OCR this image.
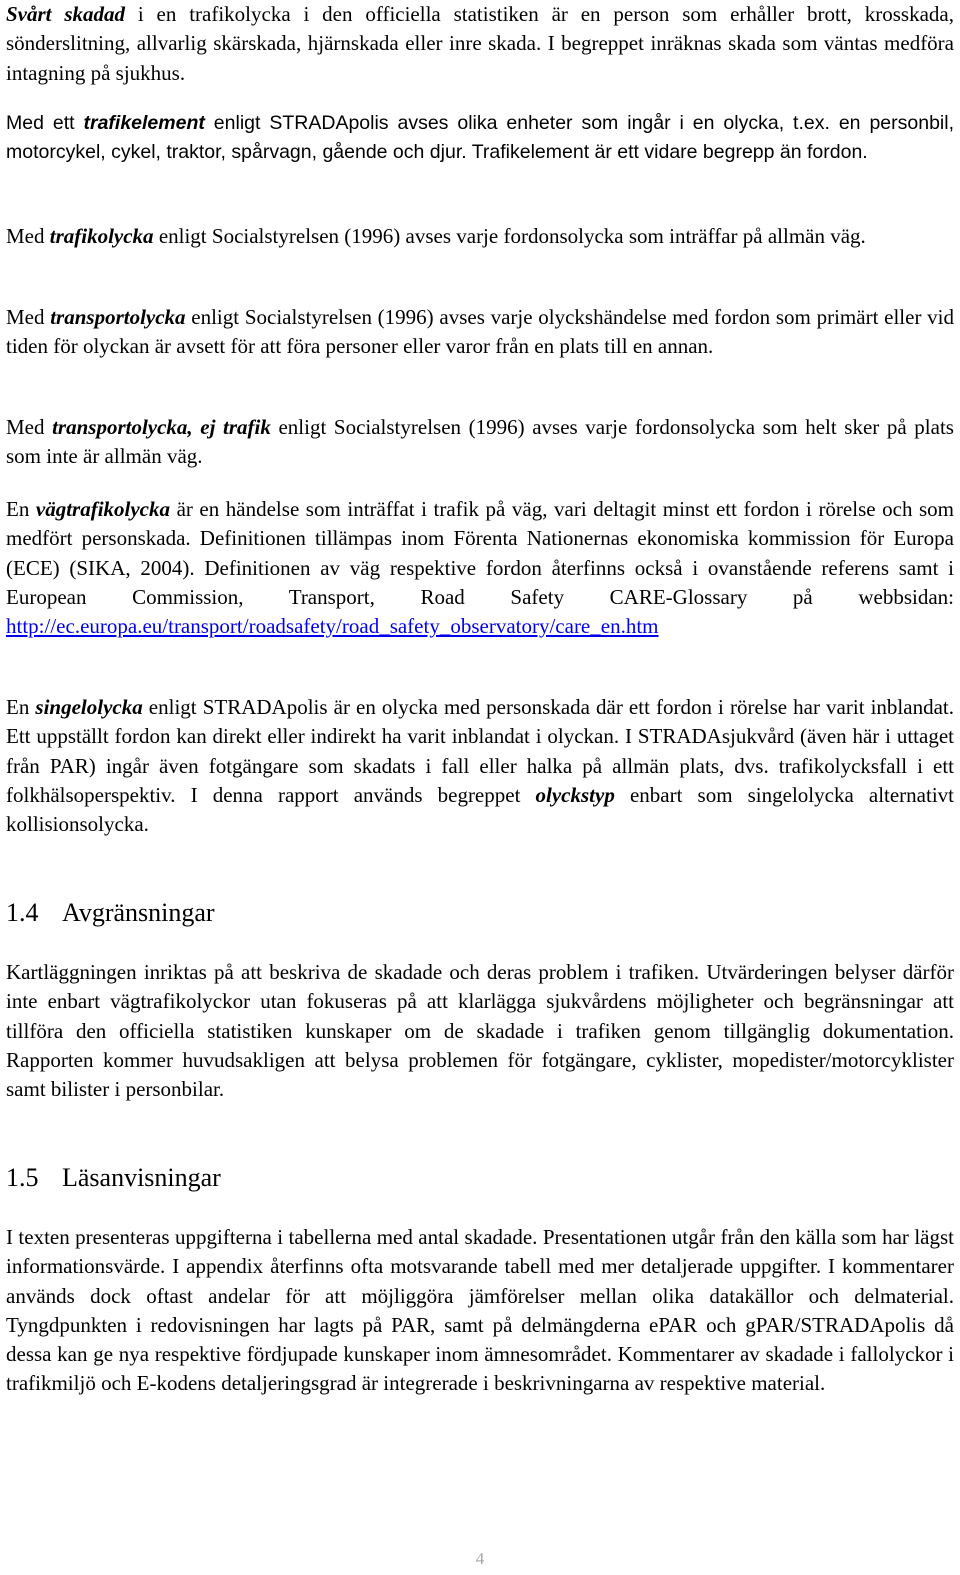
Svårt skadad i en trafikolycka i den officiella statistiken är en person som erhåller brott, krosskada, sönderslitning, allvarlig skärskada, hjärnskada eller inre skada. I begreppet inräknas skada som väntas medföra intagning på sjukhus.

Med ett trafikelement enligt STRADApolis avses olika enheter som ingår i en olycka, t.ex. en personbil, motorcykel, cykel, traktor, spårvagn, gående och djur. Trafikelement är ett vidare begrepp än fordon.

Med trafikolycka enligt Socialstyrelsen (1996) avses varje fordonsolycka som inträffar på allmän väg.

Med transportolycka enligt Socialstyrelsen (1996) avses varje olyckshändelse med fordon som primärt eller vid tiden för olyckan är avsett för att föra personer eller varor från en plats till en annan.

Med transportolycka, ej trafik enligt Socialstyrelsen (1996) avses varje fordonsolycka som helt sker på plats som inte är allmän väg.

En vägtrafikolycka är en händelse som inträffat i trafik på väg, vari deltagit minst ett fordon i rörelse och som medfört personskada. Definitionen tillämpas inom Förenta Nationernas ekonomiska kommission för Europa (ECE) (SIKA, 2004). Definitionen av väg respektive fordon återfinns också i ovanstående referens samt i European Commission, Transport, Road Safety CARE-Glossary på webbsidan: http://ec.europa.eu/transport/roadsafety/road_safety_observatory/care_en.htm

En singelolycka enligt STRADApolis är en olycka med personskada där ett fordon i rörelse har varit inblandat. Ett uppställt fordon kan direkt eller indirekt ha varit inblandat i olyckan. I STRADAsjukvård (även här i uttaget från PAR) ingår även fotgängare som skadats i fall eller halka på allmän plats, dvs. trafikolycksfall i ett folkhälsoperspektiv. I denna rapport används begreppet olyckstyp enbart som singelolycka alternativt kollisionsolycka.

1.4 Avgränsningar

Kartläggningen inriktas på att beskriva de skadade och deras problem i trafiken. Utvärderingen belyser därför inte enbart vägtrafikolyckor utan fokuseras på att klarlägga sjukvårdens möjligheter och begränsningar att tillföra den officiella statistiken kunskaper om de skadade i trafiken genom tillgänglig dokumentation. Rapporten kommer huvudsakligen att belysa problemen för fotgängare, cyklister, mopedister/motorcyklister samt bilister i personbilar.

1.5 Läsanvisningar

I texten presenteras uppgifterna i tabellerna med antal skadade. Presentationen utgår från den källa som har lägst informationsvärde. I appendix återfinns ofta motsvarande tabell med mer detaljerade uppgifter. I kommentarer används dock oftast andelar för att möjliggöra jämförelser mellan olika datakällor och delmaterial. Tyngdpunkten i redovisningen har lagts på PAR, samt på delmängderna ePAR och gPAR/STRADApolis då dessa kan ge nya respektive fördjupade kunskaper inom ämnesområdet. Kommentarer av skadade i fallolyckor i trafikmiljö och E-kodens detaljeringsgrad är integrerade i beskrivningarna av respektive material.

4
